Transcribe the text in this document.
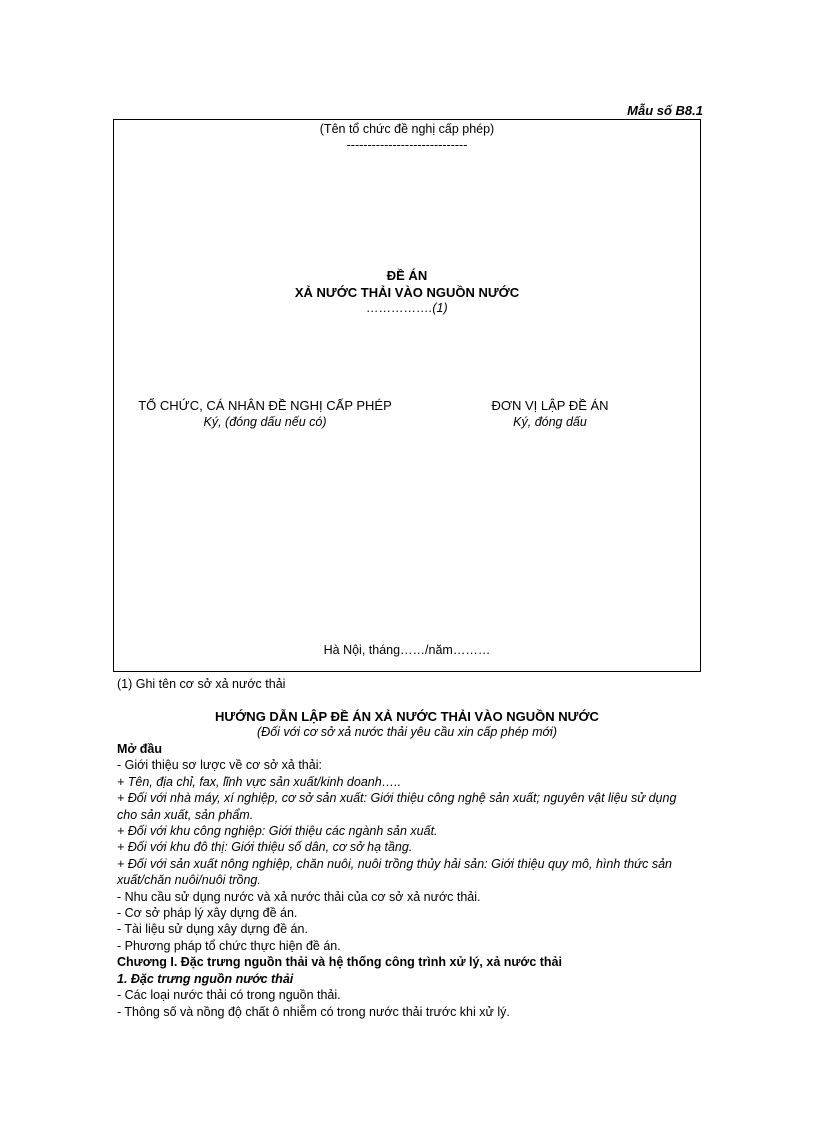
Mẫu số B8.1
(Tên tổ chức đề nghị cấp phép)
-----------------------------
ĐỀ ÁN
XẢ NƯỚC THẢI VÀO NGUỒN NƯỚC
…………….(1)
TỔ CHỨC, CÁ NHÂN ĐỀ NGHỊ CẤP PHÉP
Ký, (đóng dấu nếu có)
ĐƠN VỊ LẬP ĐỀ ÁN
Ký, đóng dấu
Hà Nội, tháng……/năm………
(1) Ghi tên cơ sở xả nước thải
HƯỚNG DẪN LẬP ĐỀ ÁN XẢ NƯỚC THẢI VÀO NGUỒN NƯỚC
(Đối với cơ sở xả nước thải yêu cầu xin cấp phép mới)
Mở đầu
- Giới thiệu sơ lược về cơ sở xả thải:
+ Tên, địa chỉ, fax, lĩnh vực sản xuất/kinh doanh…..
+ Đối với nhà máy, xí nghiệp, cơ sở sản xuất: Giới thiệu công nghệ sản xuất; nguyên vật liệu sử dụng cho sản xuất, sản phẩm.
+ Đối với khu công nghiệp: Giới thiệu các ngành sản xuất.
+ Đối với khu đô thị: Giới thiệu số dân, cơ sở hạ tầng.
+ Đối với sản xuất nông nghiệp, chăn nuôi, nuôi trồng thủy hải sản: Giới thiệu quy mô, hình thức sản xuất/chăn nuôi/nuôi trồng.
- Nhu cầu sử dụng nước và xả nước thải của cơ sở xả nước thải.
- Cơ sở pháp lý xây dựng đề án.
- Tài liệu sử dụng xây dựng đề án.
- Phương pháp tổ chức thực hiện đề án.
Chương I. Đặc trưng nguồn thải và hệ thống công trình xử lý, xả nước thải
1. Đặc trưng nguồn nước thải
- Các loại nước thải có trong nguồn thải.
- Thông số và nồng độ chất ô nhiễm có trong nước thải trước khi xử lý.
